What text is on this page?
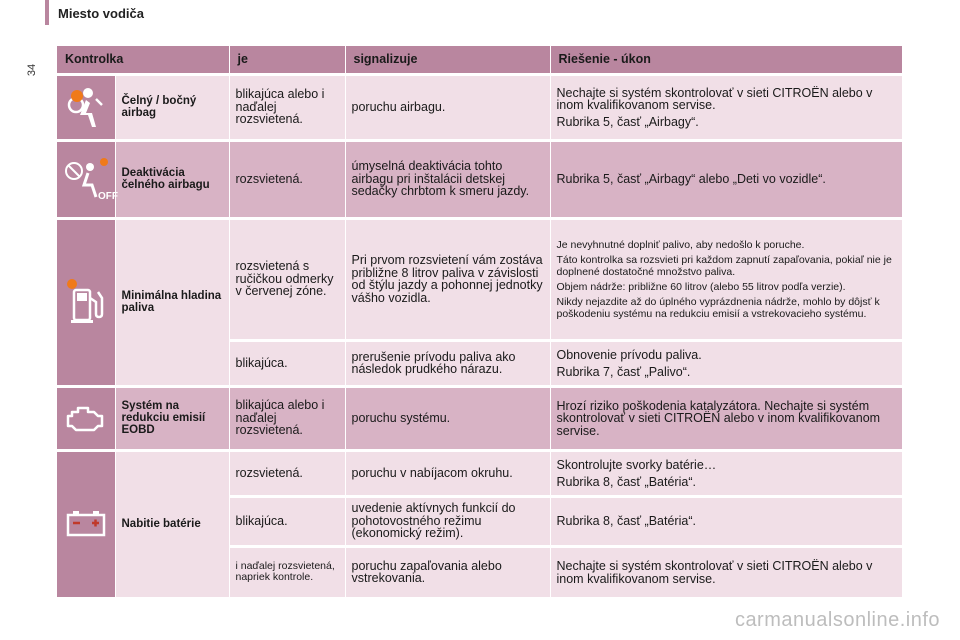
34
Miesto vodiča
Kontrolka		je	signalizuje	Riešenie - úkon

	Čelný / bočný airbag	blikajúca alebo i naďalej rozsvietená.	poruchu airbagu.	Nechajte si systém skontrolovať v sieti CITROËN alebo v inom kvalifikovanom servise.

Rubrika 5, časť „Airbagy“.

OFF	Deaktivácia čelného airbagu	rozsvietená.	úmyselná deaktivácia tohto airbagu pri inštalácii detskej sedačky chrbtom k smeru jazdy.	Rubrika 5, časť „Airbagy“ alebo „Deti vo vozidle“.

	Minimálna hladina paliva	rozsvietená s ručičkou odmerky v červenej zóne.	Pri prvom rozsvietení vám zostáva približne 8 litrov paliva v závislosti od štýlu jazdy a pohonnej jednotky vášho vozidla.	Je nevyhnutné doplniť palivo, aby nedošlo k poruche.

Táto kontrolka sa rozsvieti pri každom zapnutí zapaľovania, pokiaľ nie je doplnené dostatočné množstvo paliva.

Objem nádrže: približne 60 litrov (alebo 55 litrov podľa verzie).

Nikdy nejazdite až do úplného vyprázdnenia nádrže, mohlo by dôjsť k poškodeniu systému na redukciu emisií a vstrekovacieho systému.

		blikajúca.	prerušenie prívodu paliva ako následok prudkého nárazu.	Obnovenie prívodu paliva.

Rubrika 7, časť „Palivo“.

	Systém na redukciu emisií EOBD	blikajúca alebo i naďalej rozsvietená.	poruchu systému.	Hrozí riziko poškodenia katalyzátora. Nechajte si systém skontrolovať v sieti CITROËN alebo v inom kvalifikovanom servise.

	Nabitie batérie	rozsvietená.	poruchu v nabíjacom okruhu.	Skontrolujte svorky batérie…

Rubrika 8, časť „Batéria“.

		blikajúca.	uvedenie aktívnych funkcií do pohotovostného režimu (ekonomický režim).	Rubrika 8, časť „Batéria“.

		i naďalej rozsvietená, napriek kontrole.	poruchu zapaľovania alebo vstrekovania.	Nechajte si systém skontrolovať v sieti CITROËN alebo v inom kvalifikovanom servise.

carmanualsonline.info
